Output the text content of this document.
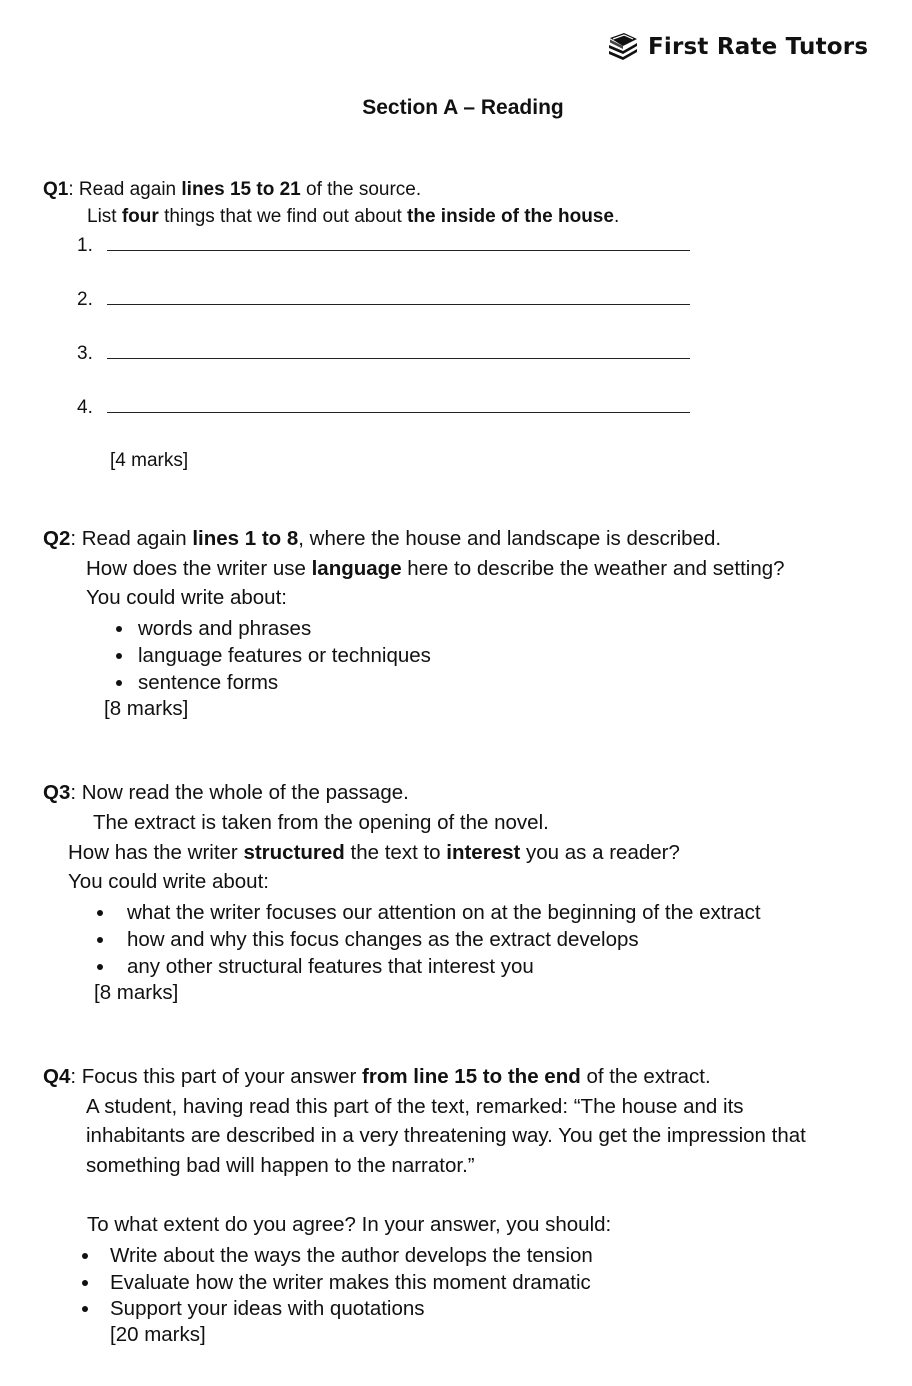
First Rate Tutors
Section A – Reading
Q1: Read again lines 15 to 21 of the source.
List four things that we find out about the inside of the house.
1.
2.
3.
4.
[4 marks]
Q2: Read again lines 1 to 8, where the house and landscape is described.
How does the writer use language here to describe the weather and setting?
You could write about:
words and phrases
language features or techniques
sentence forms
[8 marks]
Q3: Now read the whole of the passage.
The extract is taken from the opening of the novel.
How has the writer structured the text to interest you as a reader?
You could write about:
what the writer focuses our attention on at the beginning of the extract
how and why this focus changes as the extract develops
any other structural features that interest you
[8 marks]
Q4: Focus this part of your answer from line 15 to the end of the extract.
A student, having read this part of the text, remarked: “The house and its
inhabitants are described in a very threatening way. You get the impression that
something bad will happen to the narrator.”
To what extent do you agree? In your answer, you should:
Write about the ways the author develops the tension
Evaluate how the writer makes this moment dramatic
Support your ideas with quotations
[20 marks]
